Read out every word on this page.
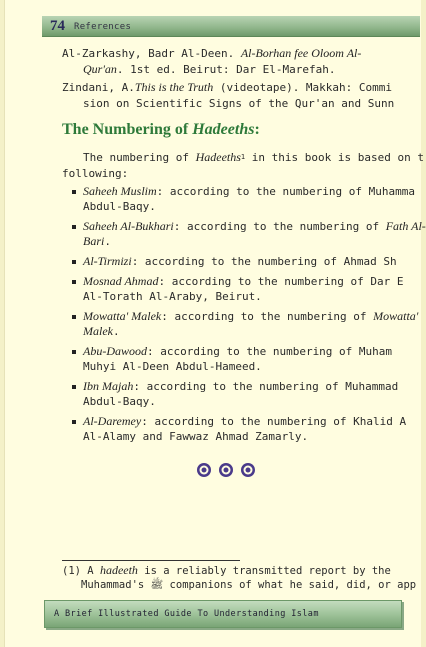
74 References
Al-Zarkashy, Badr Al-Deen. Al-Borhan fee Oloom Al-
Qur'an. 1st ed. Beirut: Dar El-Marefah.
Zindani, A.This is the Truth (videotape). Makkah: Commi
sion on Scientific Signs of the Qur'an and Sunn
The Numbering of Hadeeths:
The numbering of Hadeeths$^1$ in this book is based on t
following:
Saheeh Muslim: according to the numbering of Muhamma
Abdul-Baqy.
Saheeh Al-Bukhari: according to the numbering of Fath Al-
Bari.
Al-Tirmizi: according to the numbering of Ahmad Sh
Mosnad Ahmad: according to the numbering of Dar E
Al-Torath Al-Araby, Beirut.
Mowatta' Malek: according to the numbering of Mowatta'
Malek.
Abu-Dawood: according to the numbering of Muham
Muhyi Al-Deen Abdul-Hameed.
Ibn Majah: according to the numbering of Muhammad
Abdul-Baqy.
Al-Daremey: according to the numbering of Khalid A
Al-Alamy and Fawwaz Ahmad Zamarly.
(1) A hadeeth is a reliably transmitted report by the
Muhammad's ﷺ companions of what he said, did, or app
A Brief Illustrated Guide To Understanding Islam
